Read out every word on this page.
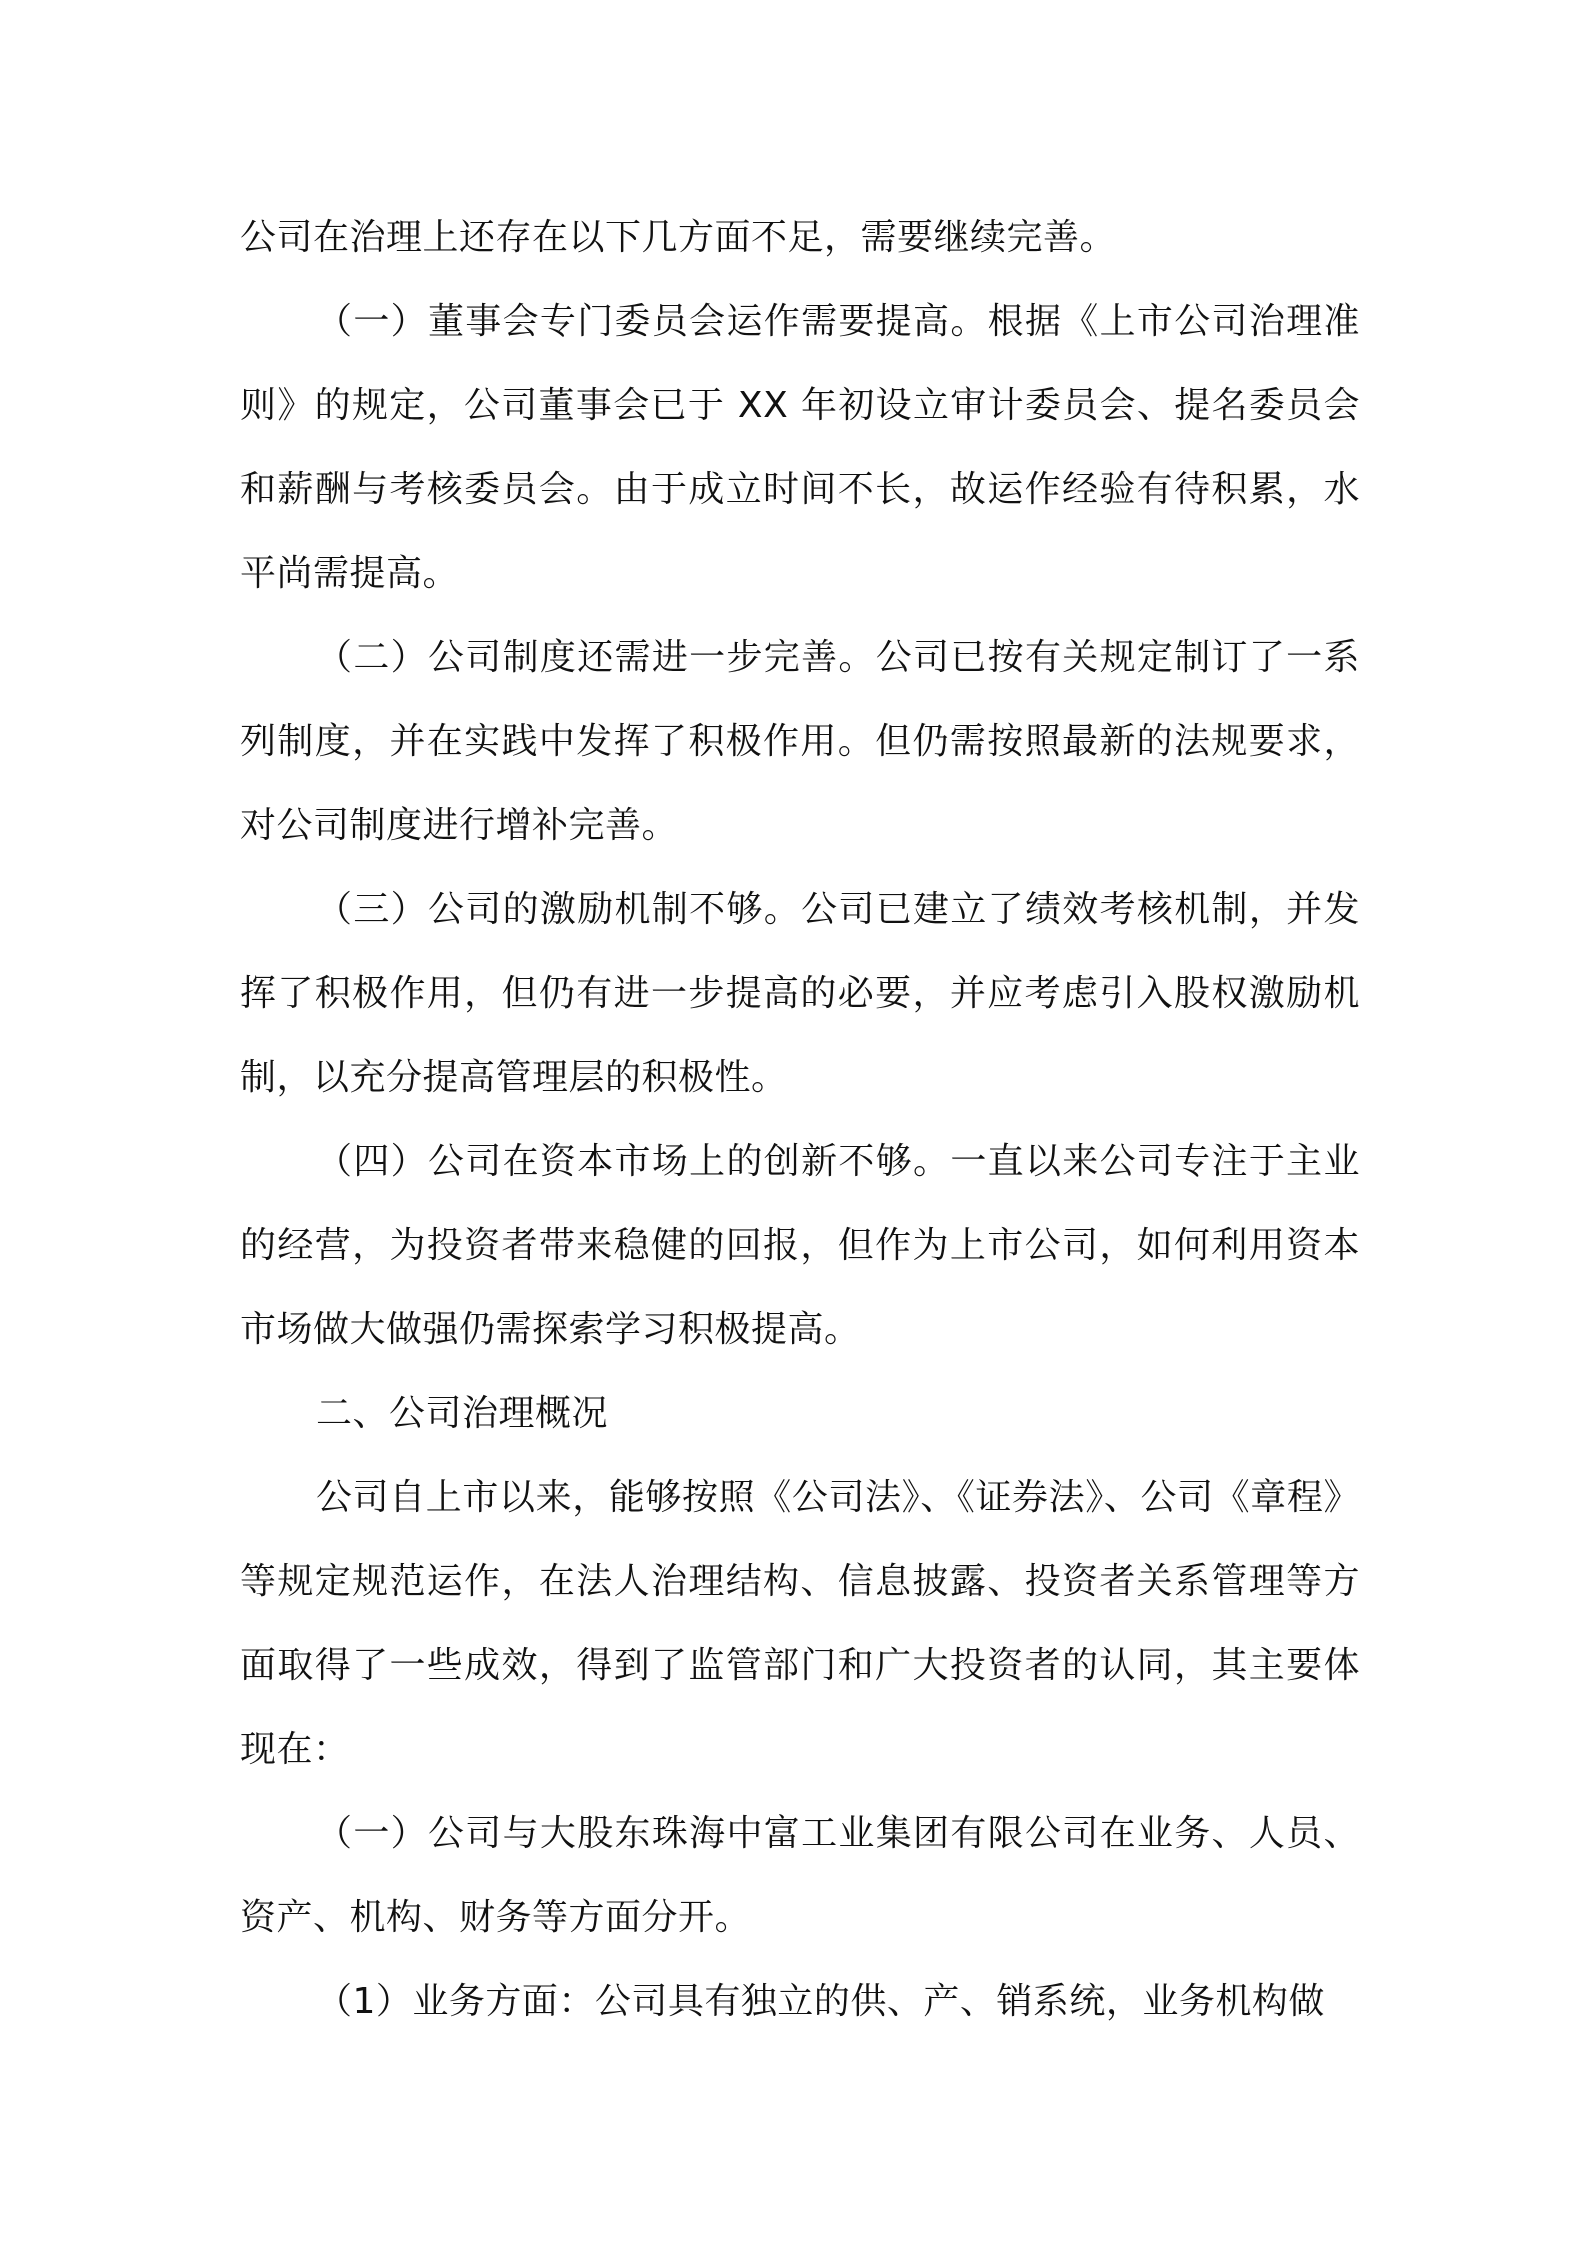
公司在治理上还存在以下几方面不足，需要继续完善。

（一）董事会专门委员会运作需要提高。根据《上市公司治理准则》的规定，公司董事会已于 XX 年初设立审计委员会、提名委员会和薪酬与考核委员会。由于成立时间不长，故运作经验有待积累，水平尚需提高。

（二）公司制度还需进一步完善。公司已按有关规定制订了一系列制度，并在实践中发挥了积极作用。但仍需按照最新的法规要求，对公司制度进行增补完善。

（三）公司的激励机制不够。公司已建立了绩效考核机制，并发挥了积极作用，但仍有进一步提高的必要，并应考虑引入股权激励机制，以充分提高管理层的积极性。

（四）公司在资本市场上的创新不够。一直以来公司专注于主业的经营，为投资者带来稳健的回报，但作为上市公司，如何利用资本市场做大做强仍需探索学习积极提高。

二、公司治理概况

公司自上市以来，能够按照《公司法》、《证券法》、公司《章程》等规定规范运作，在法人治理结构、信息披露、投资者关系管理等方面取得了一些成效，得到了监管部门和广大投资者的认同，其主要体现在：

（一）公司与大股东珠海中富工业集团有限公司在业务、人员、资产、机构、财务等方面分开。

（1）业务方面：公司具有独立的供、产、销系统，业务机构做
